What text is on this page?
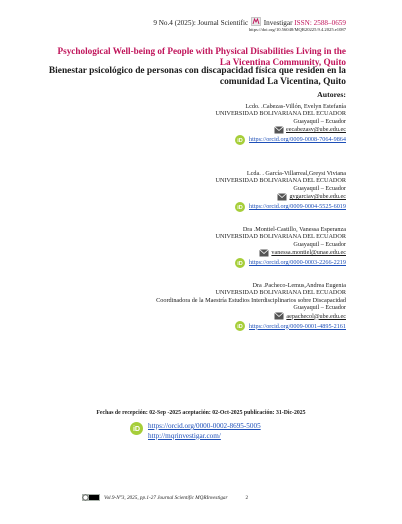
9 No.4 (2025): Journal Scientific Investigar ISSN: 2588–0659
https://doi.org/10.56048/MQR20225.9.4.2025.e1087
Psychological Well-being of People with Physical Disabilities Living in the La Vicentina Community, Quito
Bienestar psicológico de personas con discapacidad física que residen en la comunidad La Vicentina, Quito
Autores:
Lcdo. .Cabezas-Villón, Evelyn Estefanía
UNIVERSIDAD BOLIVARIANA DEL ECUADOR
Guayaquil – Ecuador
eecabezasv@ube.edu.ec
iD https://orcid.org/0009-0008-7064-9864
Lcda. . García-Villarreal,Greysi Viviana
UNIVERSIDAD BOLIVARIANA DEL ECUADOR
Guayaquil – Ecuador
gvgarciav@ube.edu.ec
iD https://orcid.org/0009-0004-5525-6019
Dra .Montiel-Castillo, Vanessa Esperanza
UNIVERSIDAD BOLIVARIANA DEL ECUADOR
Guayaquil – Ecuador
vanessa.montiel@unae.edu.ec
iD https://orcid.org/0000-0003-2266-2219
Dra .Pacheco-Lemus,Andrea Eugenia
UNIVERSIDAD BOLIVARIANA DEL ECUADOR
Coordinadora de la Maestría Estudios Interdisciplinarios sobre Discapacidad
Guayaquil – Ecuador
aepachecol@ube.edu.ec
iD https://orcid.org/0009-0001-4895-2161
Fechas de recepción: 02-Sep -2025 aceptación: 02-Oct-2025 publicación: 31-Dic-2025
iD https://orcid.org/0000-0002-8695-5005
http://mqrinvestigar.com/
Vol.9-N°3, 2025, pp.1-27 Journal Scientific MQRInvestigar	2
